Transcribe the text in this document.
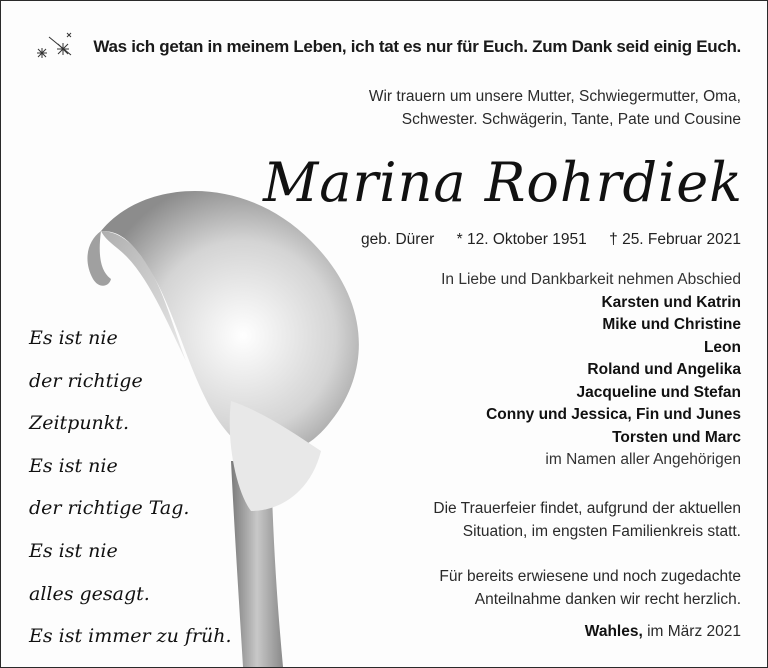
Was ich getan in meinem Leben, ich tat es nur für Euch. Zum Dank seid einig Euch.
Wir trauern um unsere Mutter, Schwiegermutter, Oma,
Schwester. Schwägerin, Tante, Pate und Cousine
Marina Rohrdiek
geb. Dürer * 12. Oktober 1951 † 25. Februar 2021
In Liebe und Dankbarkeit nehmen Abschied
Karsten und Katrin
Mike und Christine
Leon
Roland und Angelika
Jacqueline und Stefan
Conny und Jessica, Fin und Junes
Torsten und Marc
im Namen aller Angehörigen
Die Trauerfeier findet, aufgrund der aktuellen
Situation, im engsten Familienkreis statt.
Für bereits erwiesene und noch zugedachte
Anteilnahme danken wir recht herzlich.
Wahles, im März 2021
Es ist nie
der richtige
Zeitpunkt.
Es ist nie
der richtige Tag.
Es ist nie
alles gesagt.
Es ist immer zu früh.
